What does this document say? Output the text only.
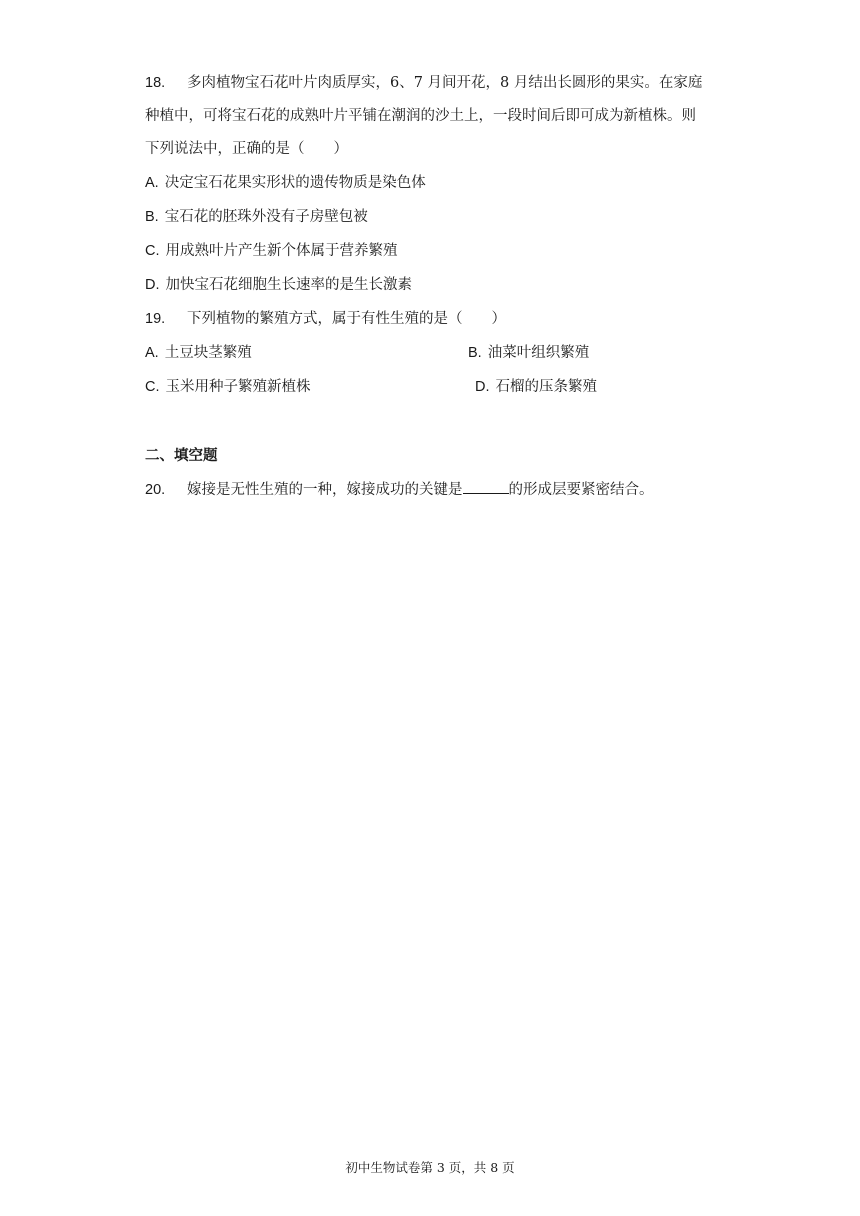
18. 多肉植物宝石花叶片肉质厚实，6、7 月间开花，8 月结出长圆形的果实。在家庭
种植中，可将宝石花的成熟叶片平铺在潮润的沙土上，一段时间后即可成为新植株。则
下列说法中，正确的是（　　）
A. 决定宝石花果实形状的遗传物质是染色体
B. 宝石花的胚珠外没有子房壁包被
C. 用成熟叶片产生新个体属于营养繁殖
D. 加快宝石花细胞生长速率的是生长激素
19. 下列植物的繁殖方式，属于有性生殖的是（　　）
A. 土豆块茎繁殖	B. 油菜叶组织繁殖
C. 玉米用种子繁殖新植株	D. 石榴的压条繁殖
二、填空题
20. 嫁接是无性生殖的一种，嫁接成功的关键是	的形成层要紧密结合。
初中生物试卷第 3 页，共 8 页
